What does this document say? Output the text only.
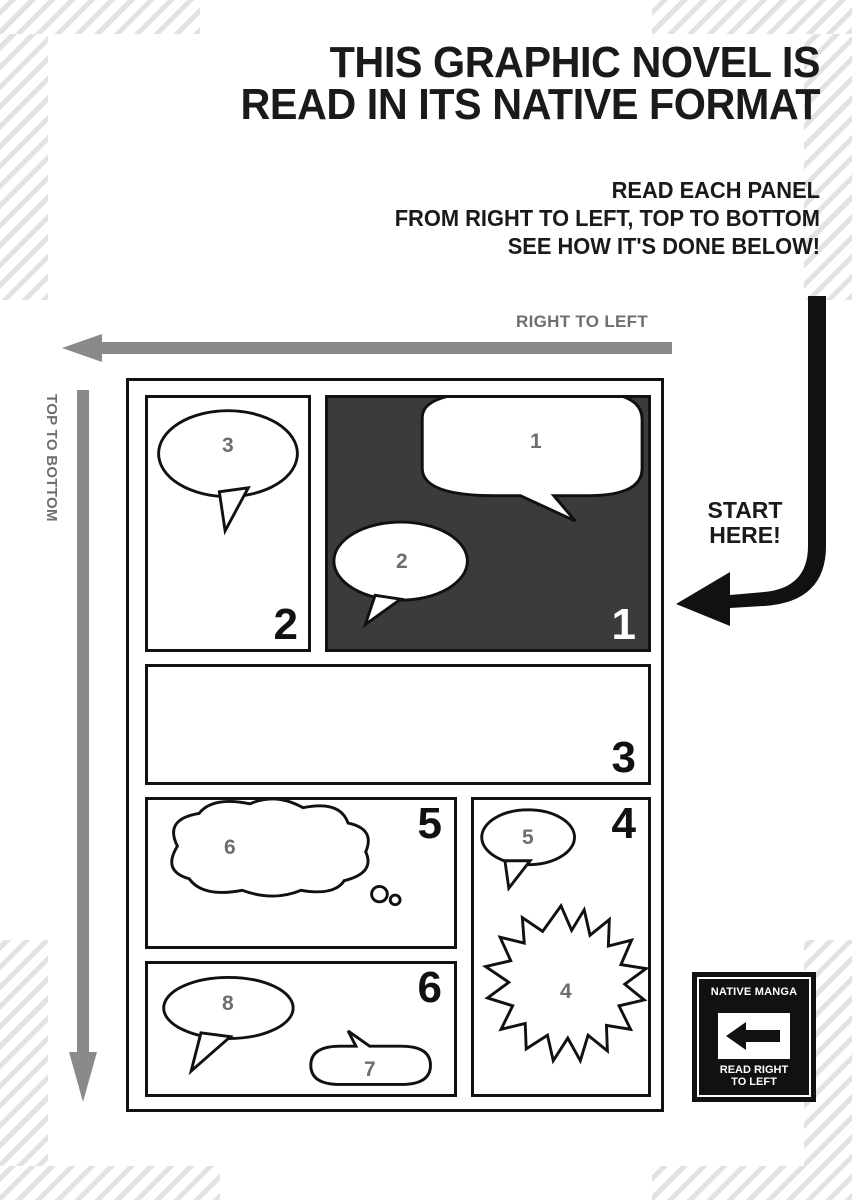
THIS GRAPHIC NOVEL IS
READ IN ITS NATIVE FORMAT
READ EACH PANEL
FROM RIGHT TO LEFT, TOP TO BOTTOM
SEE HOW IT'S DONE BELOW!
RIGHT TO LEFT
TOP TO BOTTOM	START
HERE!
1
2
1
3
2
3
5
4
4
6	5
8
7
6	NATIVE MANGA
READ RIGHT
TO LEFT
